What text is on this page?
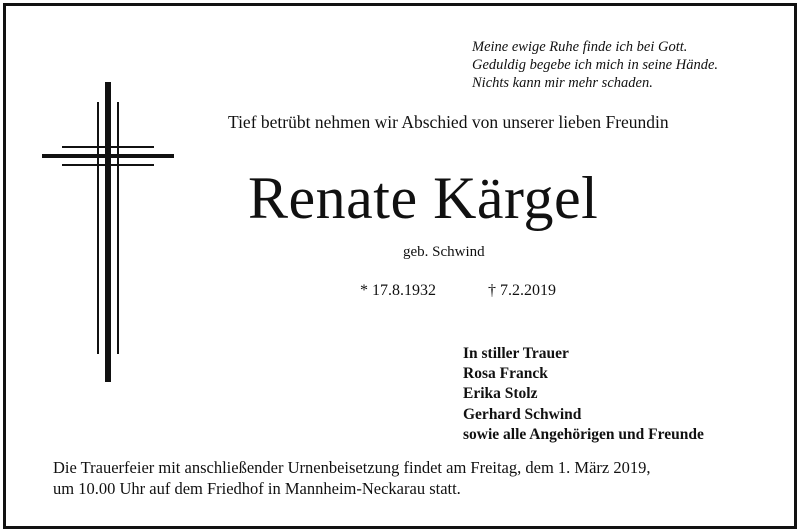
Meine ewige Ruhe finde ich bei Gott.
Geduldig begebe ich mich in seine Hände.
Nichts kann mir mehr schaden.
Tief betrübt nehmen wir Abschied von unserer lieben Freundin
Renate Kärgel
geb. Schwind
* 17.8.1932	† 7.2.2019
In stiller Trauer
Rosa Franck
Erika Stolz
Gerhard Schwind
sowie alle Angehörigen und Freunde
Die Trauerfeier mit anschließender Urnenbeisetzung findet am Freitag, dem 1. März 2019,
um 10.00 Uhr auf dem Friedhof in Mannheim-Neckarau statt.
